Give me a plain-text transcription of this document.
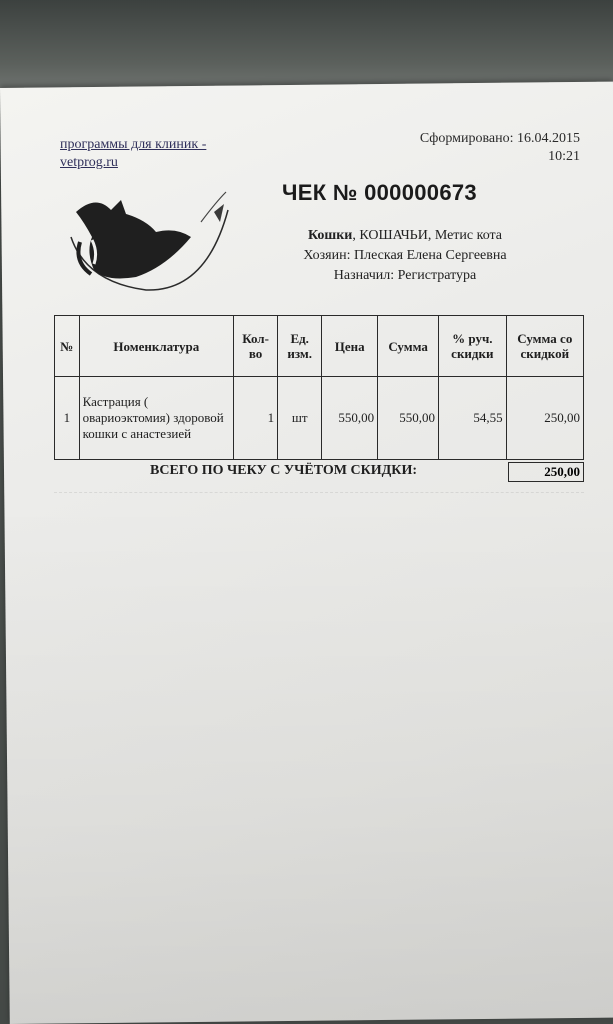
программы для клиник - vetprog.ru
Сформировано: 16.04.2015
10:21
ЧЕК № 000000673
Кошки, КОШАЧЬИ, Метис кота
Хозяин: Плеская Елена Сергеевна
Назначил: Регистратура
№	Номенклатура	Кол-во	Ед. изм.	Цена	Сумма	% руч. скидки	Сумма со скидкой
1	Кастрация ( овариоэктомия) здоровой кошки с анастезией	1	шт	550,00	550,00	54,55	250,00
ВСЕГО ПО ЧЕКУ С УЧЁТОМ СКИДКИ:	250,00
